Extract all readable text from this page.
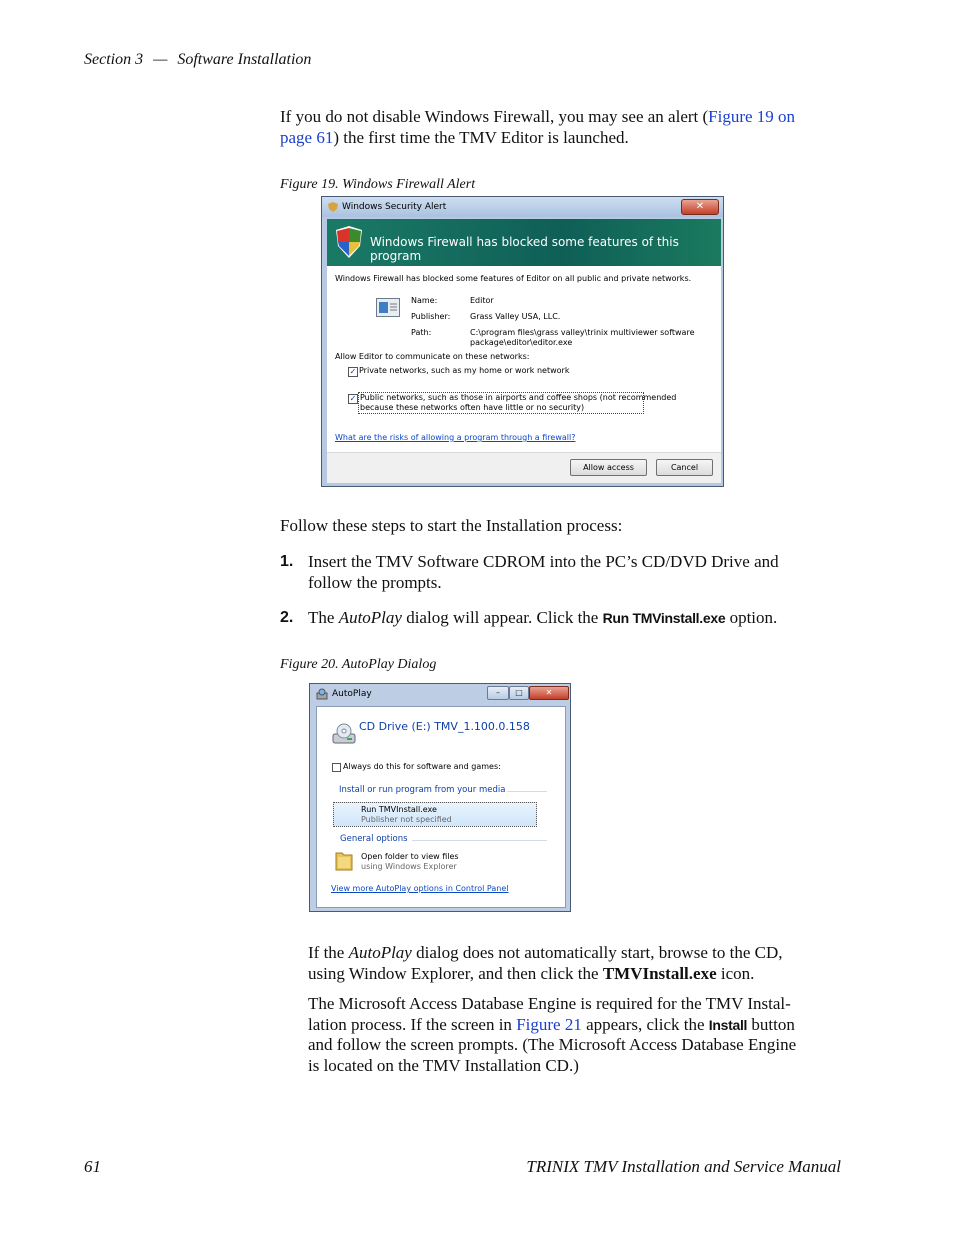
Section 3 — Software Installation
If you do not disable Windows Firewall, you may see an alert (Figure 19 on
page 61) the first time the TMV Editor is launched.
Figure 19. Windows Firewall Alert
Windows Security Alert	✕
Windows Firewall has blocked some features of this program
Windows Firewall has blocked some features of Editor on all public and private networks.
Name:	Editor
Publisher: Grass Valley USA, LLC.
Path:	C:\program files\grass valley\trinix multiviewer software
package\editor\editor.exe
Allow Editor to communicate on these networks:
✓ Private networks, such as my home or work network
✓ Public networks, such as those in airports and coffee shops (not recommended
because these networks often have little or no security)
What are the risks of allowing a program through a firewall?
Allow access	Cancel
Follow these steps to start the Installation process:
1. Insert the TMV Software CDROM into the PC’s CD/DVD Drive and
follow the prompts.
2. The AutoPlay dialog will appear. Click the Run TMVinstall.exe option.
Figure 20. AutoPlay Dialog
AutoPlay	–	□	✕
CD Drive (E:) TMV_1.100.0.158
Always do this for software and games:
Install or run program from your media
Run TMVInstall.exe
Publisher not specified
General options
Open folder to view files
using Windows Explorer
View more AutoPlay options in Control Panel
If the AutoPlay dialog does not automatically start, browse to the CD,
using Window Explorer, and then click the TMVInstall.exe icon.
The Microsoft Access Database Engine is required for the TMV Instal-
lation process. If the screen in Figure 21 appears, click the Install button
and follow the screen prompts. (The Microsoft Access Database Engine
is located on the TMV Installation CD.)
61	TRINIX TMV Installation and Service Manual
